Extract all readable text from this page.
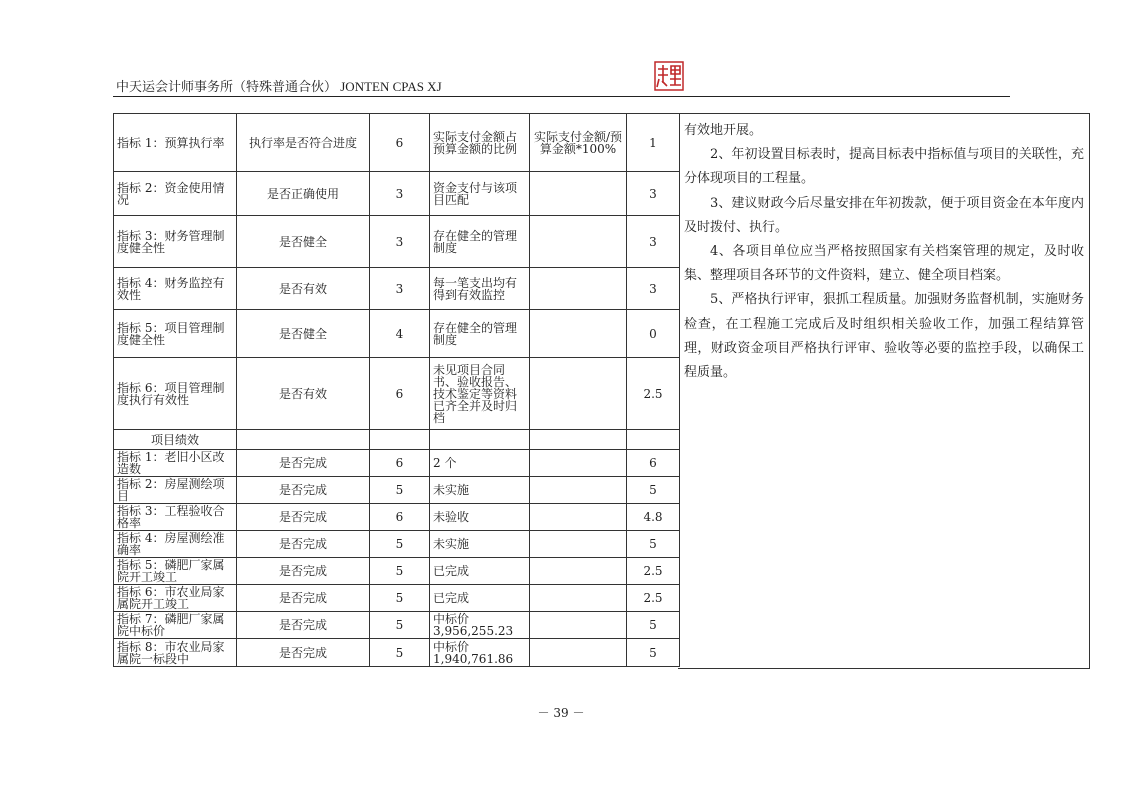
中天运会计师事务所（特殊普通合伙） JONTEN CPAS XJ
指标 1：预算执行率	执行率是否符合进度	6	实际支付金额占预算金额的比例	实际支付金额/预算金额*100%	1
指标 2：资金使用情况	是否正确使用	3	资金支付与该项目匹配		3
指标 3：财务管理制度健全性	是否健全	3	存在健全的管理制度		3
指标 4：财务监控有效性	是否有效	3	每一笔支出均有得到有效监控		3
指标 5：项目管理制度健全性	是否健全	4	存在健全的管理制度		0
指标 6：项目管理制度执行有效性	是否有效	6	未见项目合同书、验收报告、技术鉴定等资料已齐全并及时归档		2.5
项目绩效					
指标 1：老旧小区改造数	是否完成	6	2 个		6
指标 2：房屋测绘项目	是否完成	5	未实施		5
指标 3：工程验收合格率	是否完成	6	未验收		4.8
指标 4：房屋测绘准确率	是否完成	5	未实施		5
指标 5：磷肥厂家属院开工竣工	是否完成	5	已完成		2.5
指标 6：市农业局家属院开工竣工	是否完成	5	已完成		2.5
指标 7：磷肥厂家属院中标价	是否完成	5	中标价 3,956,255.23		5
指标 8：市农业局家属院一标段中	是否完成	5	中标价 1,940,761.86		5

有效地开展。

2、年初设置目标表时，提高目标表中指标值与项目的关联性，充分体现项目的工程量。

3、建议财政今后尽量安排在年初拨款，便于项目资金在本年度内及时拨付、执行。

4、各项目单位应当严格按照国家有关档案管理的规定，及时收集、整理项目各环节的文件资料，建立、健全项目档案。

5、严格执行评审，狠抓工程质量。加强财务监督机制，实施财务检查，在工程施工完成后及时组织相关验收工作，加强工程结算管理，财政资金项目严格执行评审、验收等必要的监控手段，以确保工程质量。

－ 39 －
